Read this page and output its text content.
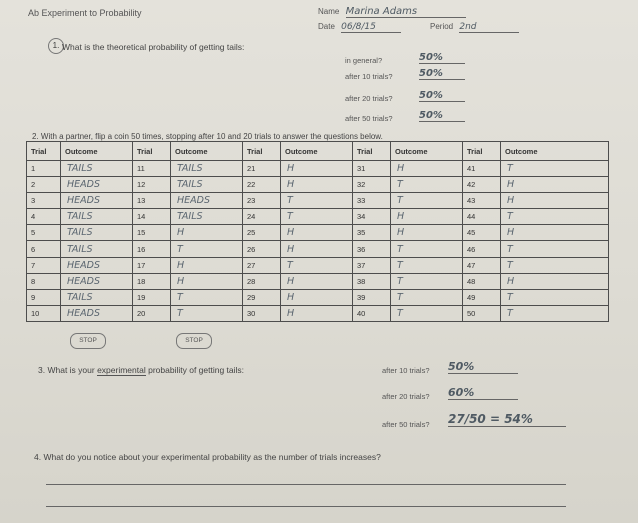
Ab Experiment to Probability	Name Marina Adams
Date 06/8/15	Period 2nd
1. What is the theoretical probability of getting tails:
in general?	50%
after 10 trials?	50%
after 20 trials?	50%
after 50 trials?	50%
2. With a partner, flip a coin 50 times, stopping after 10 and 20 trials to answer the questions below.
Trial	Outcome	Trial	Outcome	Trial	Outcome	Trial	Outcome	Trial	Outcome
1	TAILS	11	TAILS	21	H	31	H	41	T
2	HEADS	12	TAILS	22	H	32	T	42	H
3	HEADS	13	HEADS	23	T	33	T	43	H
4	TAILS	14	TAILS	24	T	34	H	44	T
5	TAILS	15	H	25	H	35	H	45	H
6	TAILS	16	T	26	H	36	T	46	T
7	HEADS	17	H	27	T	37	T	47	T
8	HEADS	18	H	28	H	38	T	48	H
9	TAILS	19	T	29	H	39	T	49	T
10	HEADS	20	T	30	H	40	T	50	T
STOP	STOP
3. What is your experimental probability of getting tails:	after 10 trials? 50%
after 20 trials? 60%
after 50 trials? 27/50 = 54%
4. What do you notice about your experimental probability as the number of trials increases?
